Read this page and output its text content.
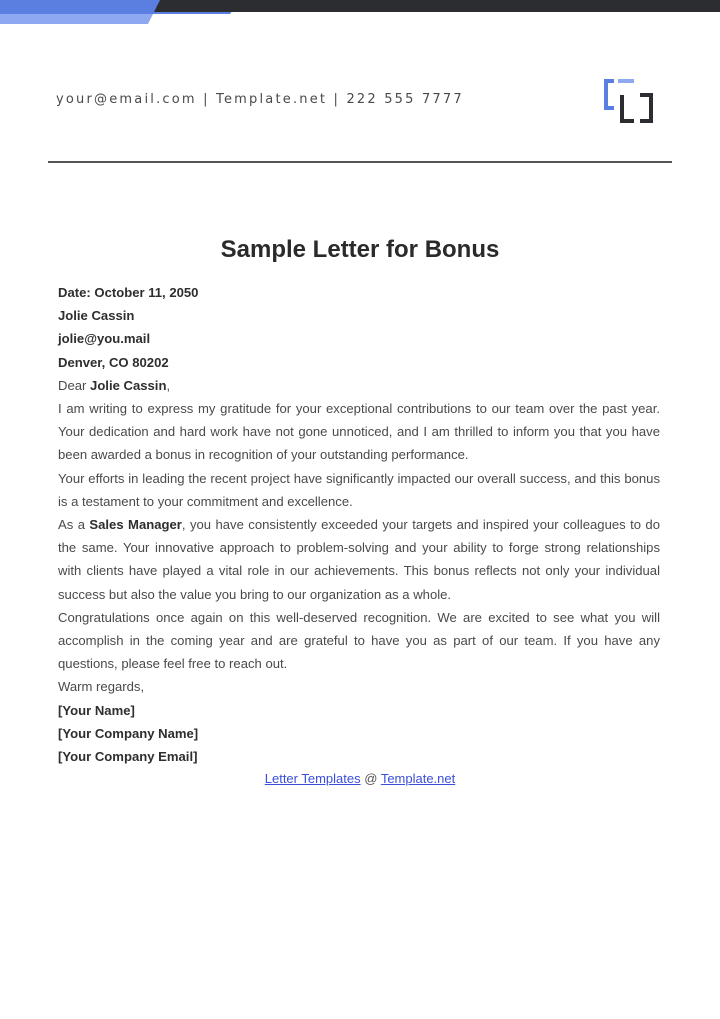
your@email.com | Template.net | 222 555 7777
Sample Letter for Bonus
Date: October 11, 2050
Jolie Cassin
jolie@you.mail
Denver, CO 80202
Dear Jolie Cassin,
I am writing to express my gratitude for your exceptional contributions to our team over the past year. Your dedication and hard work have not gone unnoticed, and I am thrilled to inform you that you have been awarded a bonus in recognition of your outstanding performance.
Your efforts in leading the recent project have significantly impacted our overall success, and this bonus is a testament to your commitment and excellence.
As a Sales Manager, you have consistently exceeded your targets and inspired your colleagues to do the same. Your innovative approach to problem-solving and your ability to forge strong relationships with clients have played a vital role in our achievements. This bonus reflects not only your individual success but also the value you bring to our organization as a whole.
Congratulations once again on this well-deserved recognition. We are excited to see what you will accomplish in the coming year and are grateful to have you as part of our team. If you have any questions, please feel free to reach out.
Warm regards,
[Your Name]
[Your Company Name]
[Your Company Email]
Letter Templates @ Template.net
